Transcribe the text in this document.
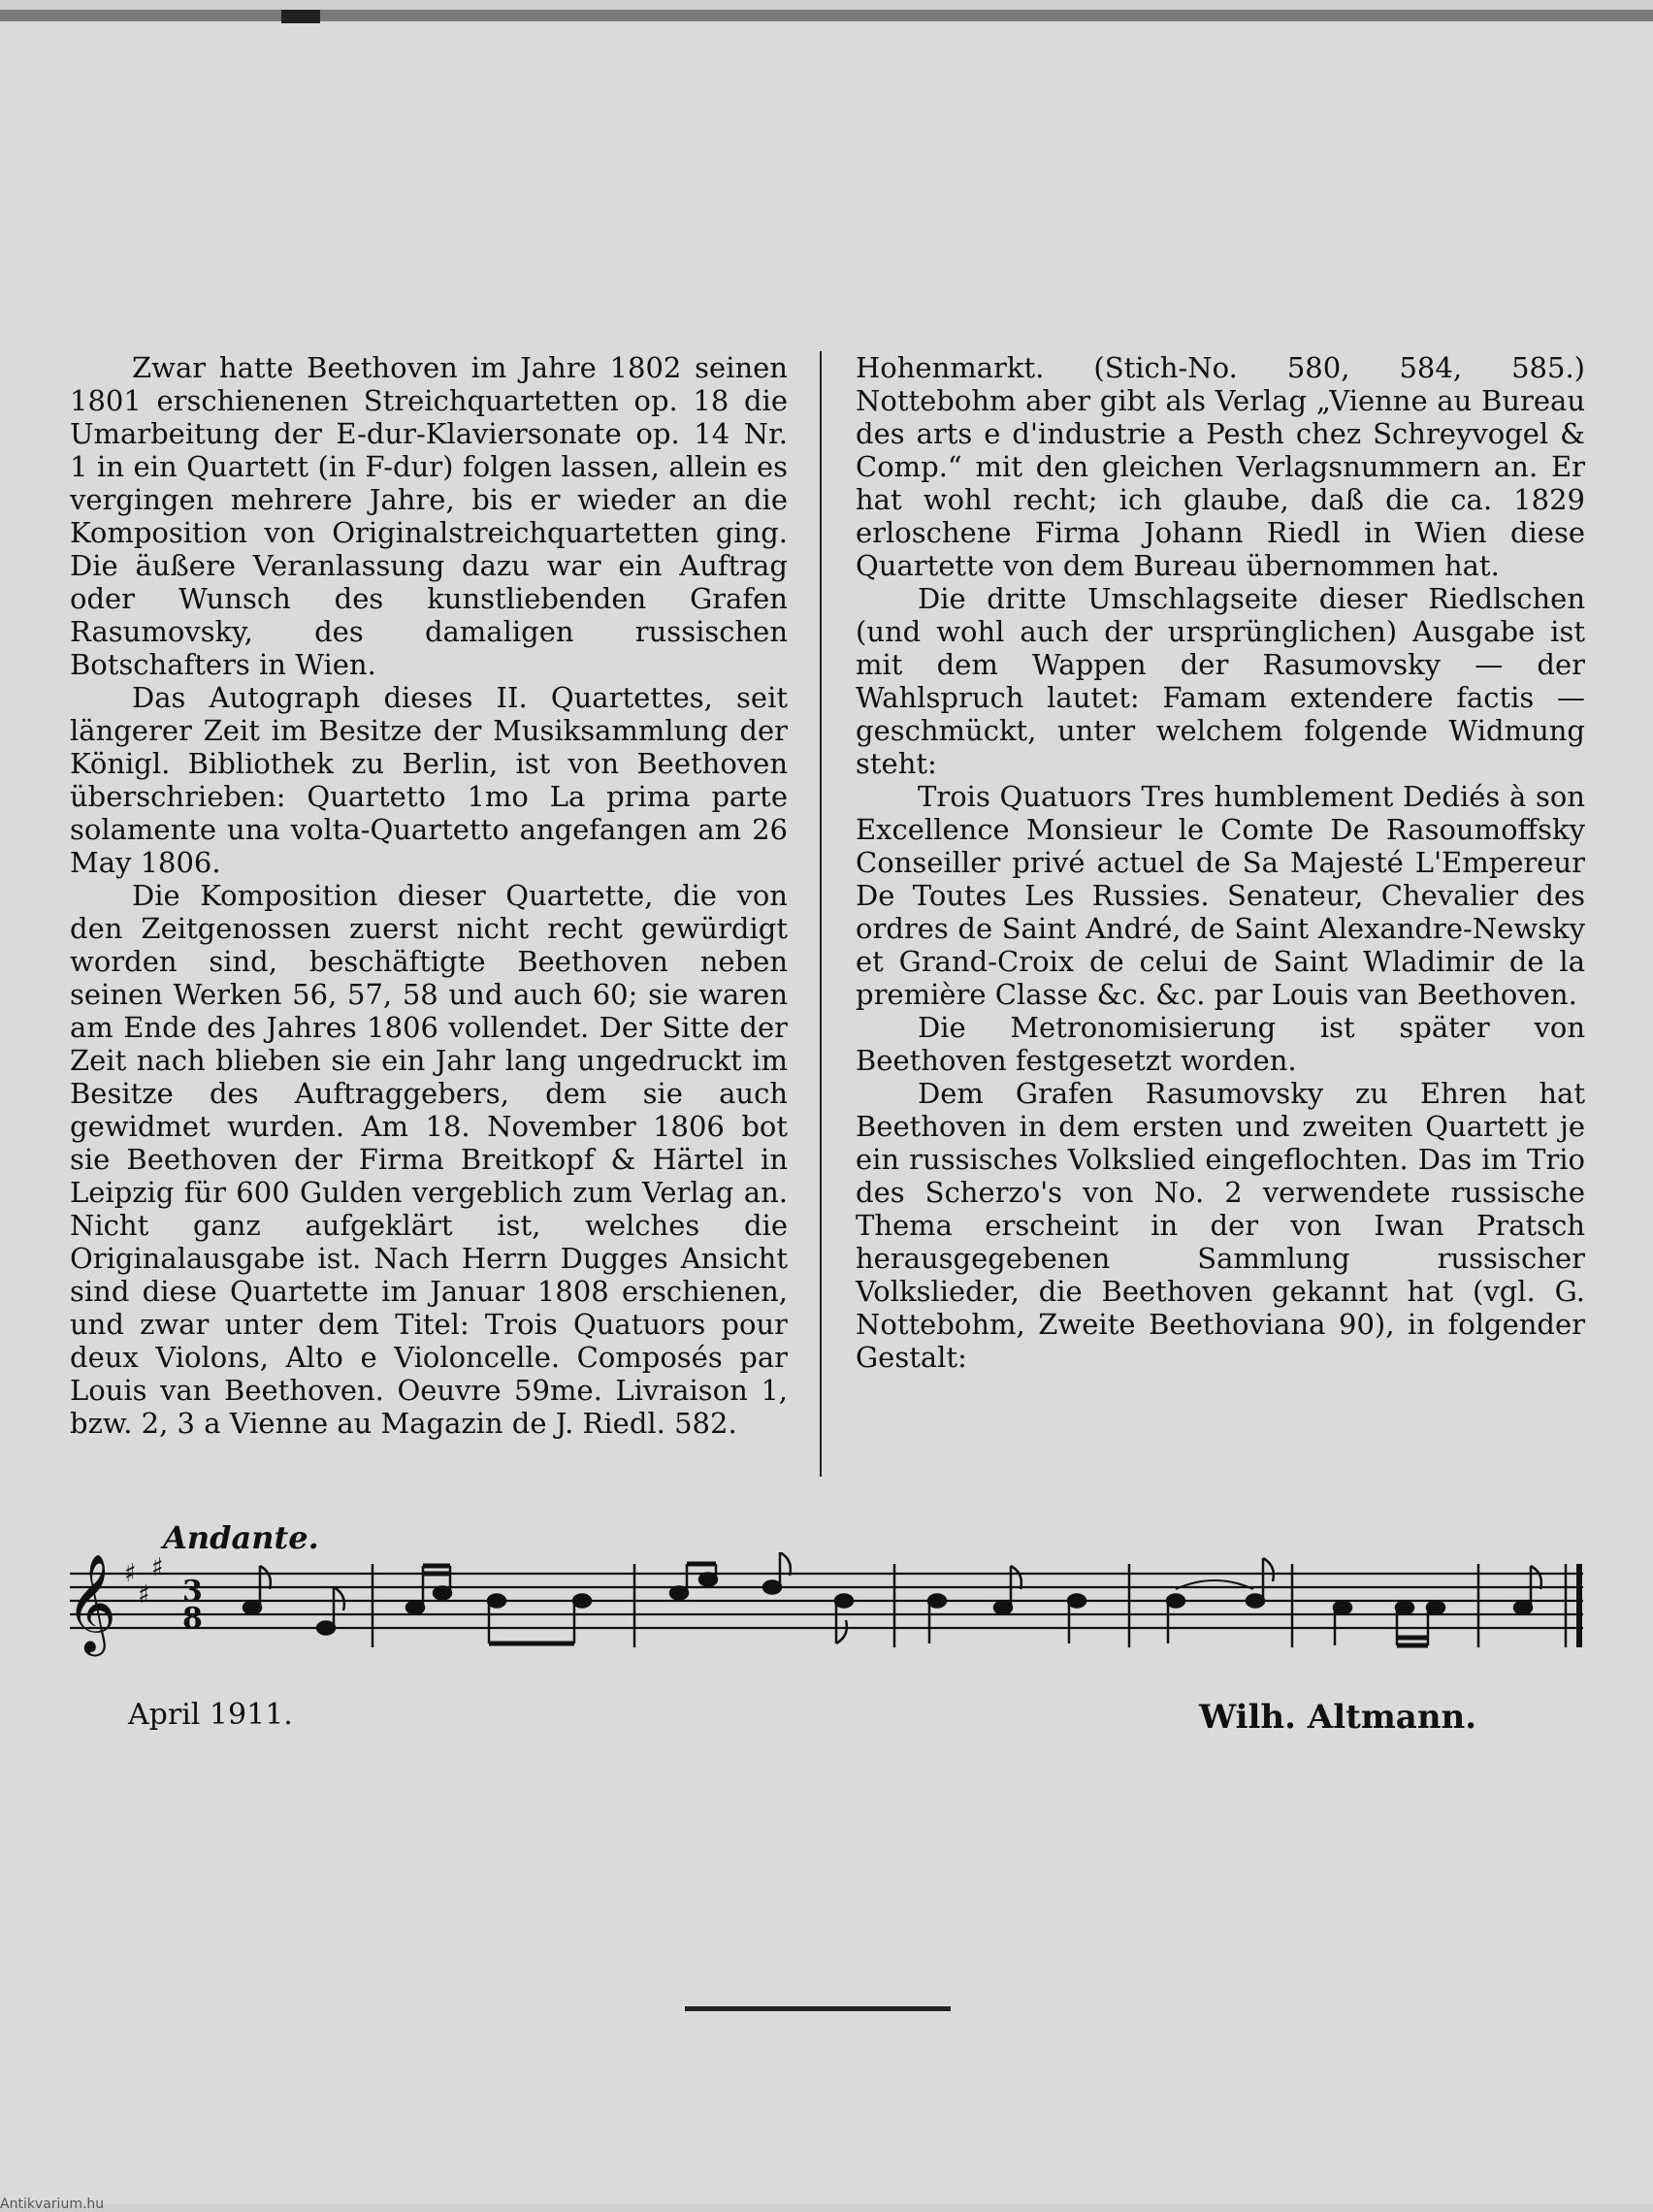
Zwar hatte Beethoven im Jahre 1802 seinen 1801 erschienenen Streichquartetten op. 18 die Umarbeitung der E-dur-Klaviersonate op. 14 Nr. 1 in ein Quartett (in F-dur) folgen lassen, allein es vergingen mehrere Jahre, bis er wieder an die Komposition von Originalstreichquartetten ging. Die äußere Veranlassung dazu war ein Auftrag oder Wunsch des kunstliebenden Grafen Rasumovsky, des damaligen russischen Botschafters in Wien.

Das Autograph dieses II. Quartettes, seit längerer Zeit im Besitze der Musiksammlung der Königl. Bibliothek zu Berlin, ist von Beethoven überschrieben: Quartetto 1mo La prima parte solamente una volta-Quartetto angefangen am 26 May 1806.

Die Komposition dieser Quartette, die von den Zeitgenossen zuerst nicht recht gewürdigt worden sind, beschäftigte Beethoven neben seinen Werken 56, 57, 58 und auch 60; sie waren am Ende des Jahres 1806 vollendet. Der Sitte der Zeit nach blieben sie ein Jahr lang ungedruckt im Besitze des Auftraggebers, dem sie auch gewidmet wurden. Am 18. November 1806 bot sie Beethoven der Firma Breitkopf & Härtel in Leipzig für 600 Gulden vergeblich zum Verlag an. Nicht ganz aufgeklärt ist, welches die Originalausgabe ist. Nach Herrn Dugges Ansicht sind diese Quartette im Januar 1808 erschienen, und zwar unter dem Titel: Trois Quatuors pour deux Violons, Alto e Violoncelle. Composés par Louis van Beethoven. Oeuvre 59me. Livraison 1, bzw. 2, 3 a Vienne au Magazin de J. Riedl. 582.

Hohenmarkt. (Stich-No. 580, 584, 585.) Nottebohm aber gibt als Verlag „Vienne au Bureau des arts e d'industrie a Pesth chez Schreyvogel & Comp.“ mit den gleichen Verlagsnummern an. Er hat wohl recht; ich glaube, daß die ca. 1829 erloschene Firma Johann Riedl in Wien diese Quartette von dem Bureau übernommen hat.

Die dritte Umschlagseite dieser Riedlschen (und wohl auch der ursprünglichen) Ausgabe ist mit dem Wappen der Rasumovsky — der Wahlspruch lautet: Famam extendere factis — geschmückt, unter welchem folgende Widmung steht:

Trois Quatuors Tres humblement Dediés à son Excellence Monsieur le Comte De Rasoumoffsky Conseiller privé actuel de Sa Majesté L'Empereur De Toutes Les Russies. Senateur, Chevalier des ordres de Saint André, de Saint Alexandre-Newsky et Grand-Croix de celui de Saint Wladimir de la première Classe &c. &c. par Louis van Beethoven.

Die Metronomisierung ist später von Beethoven festgesetzt worden.

Dem Grafen Rasumovsky zu Ehren hat Beethoven in dem ersten und zweiten Quartett je ein russisches Volkslied eingeflochten. Das im Trio des Scherzo's von No. 2 verwendete russische Thema erscheint in der von Iwan Pratsch herausgegebenen Sammlung russischer Volkslieder, die Beethoven gekannt hat (vgl. G. Nottebohm, Zweite Beethoviana 90), in folgender Gestalt:

Andante.
𝄞 ♯
♯
♯
3
8
April 1911.	Wilh. Altmann.
Antikvarium.hu
